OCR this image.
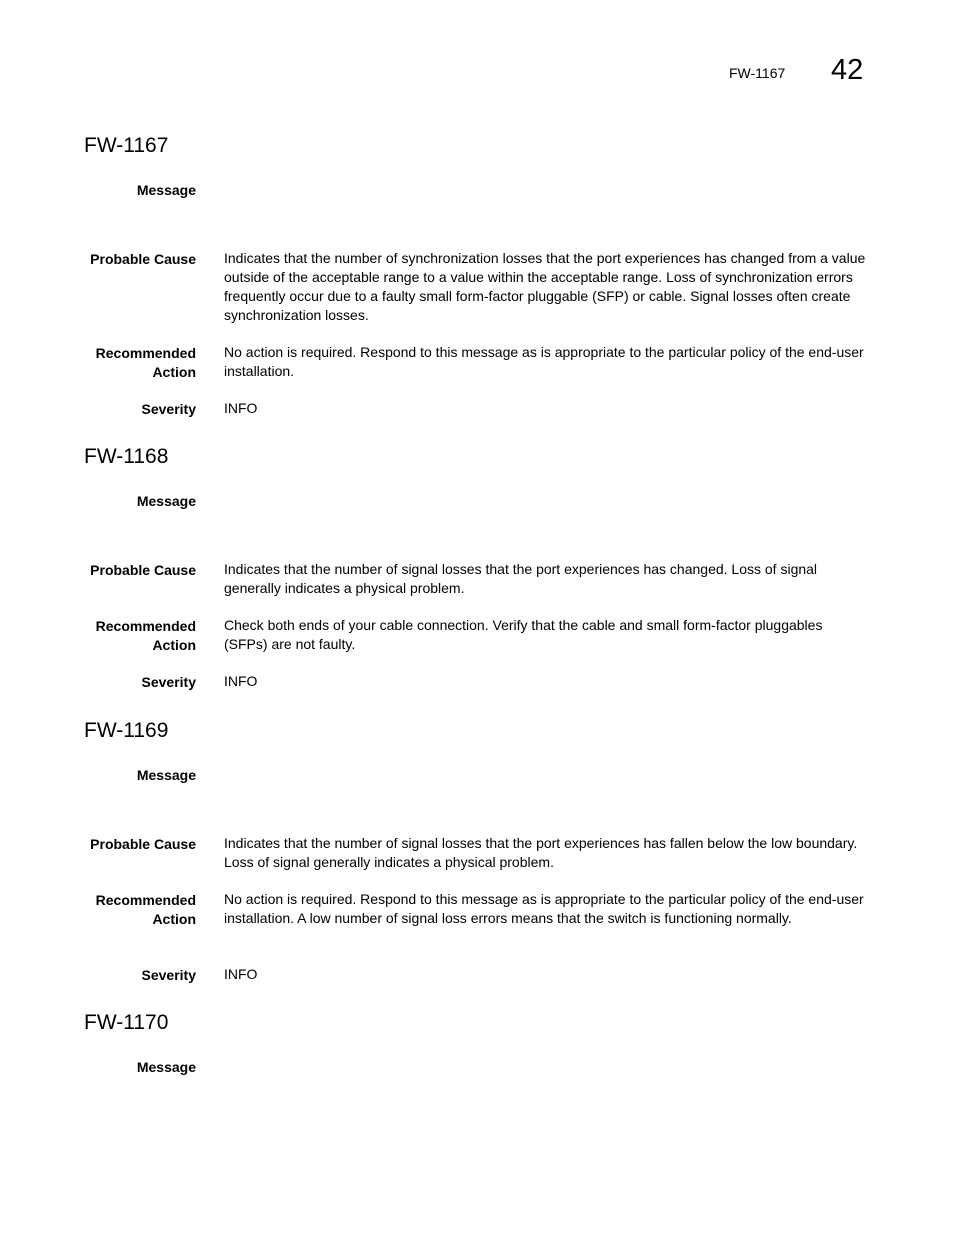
FW-1167 42
FW-1167
Message
Probable Cause Indicates that the number of synchronization losses that the port experiences has changed from a value outside of the acceptable range to a value within the acceptable range. Loss of synchronization errors frequently occur due to a faulty small form-factor pluggable (SFP) or cable. Signal losses often create synchronization losses.
Recommended
Action
No action is required. Respond to this message as is appropriate to the particular policy of the end-user installation.
Severity INFO
FW-1168
Message
Probable Cause Indicates that the number of signal losses that the port experiences has changed. Loss of signal generally indicates a physical problem.
Recommended
Action
Check both ends of your cable connection. Verify that the cable and small form-factor pluggables (SFPs) are not faulty.
Severity INFO
FW-1169
Message
Probable Cause Indicates that the number of signal losses that the port experiences has fallen below the low boundary. Loss of signal generally indicates a physical problem.
Recommended
Action
No action is required. Respond to this message as is appropriate to the particular policy of the end-user installation. A low number of signal loss errors means that the switch is functioning normally.
Severity INFO
FW-1170
Message
